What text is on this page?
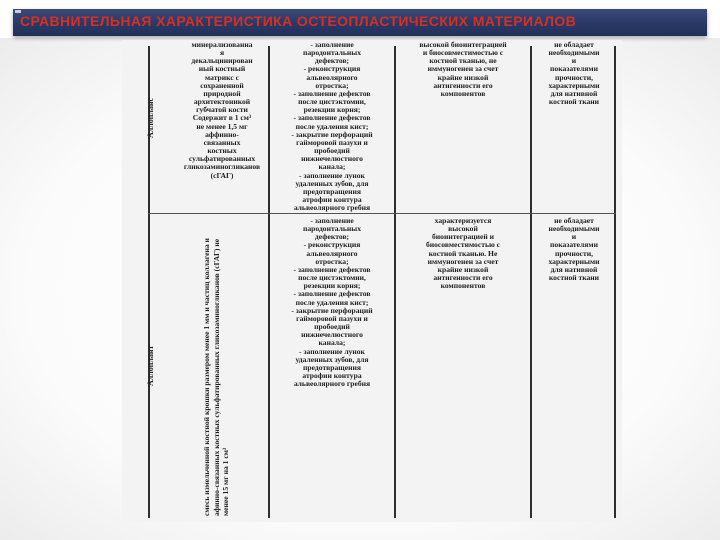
СРАВНИТЕЛЬНАЯ ХАРАКТЕРИСТИКА ОСТЕОПЛАСТИЧЕСКИХ МАТЕРИАЛОВ
Аллопланс
минерализованна
я
декальцинирован
ный костный
матрикс с
сохраненной
природной
архитектоникой
губчатой кости
Содержит в 1 см³
не менее 1,5 мг
аффинно-
связанных
костных
сульфатированных
гликозаминогликанов
(сГАГ)
- заполнение
пародонтальных
дефектов;
- реконструкция
альвеолярного
отростка;
- заполнение дефектов
после цистэктомии,
резекции корня;
- заполнение дефектов
после удаления кист;
- закрытие перфораций
гайморовой пазухи и
пробоедий
нижнечелюстного
канала;
- заполнение лунок
удаленных зубов, для
предотвращения
атрофии контура
альвеолярного гребня
высокой биоинтеграцией
и биосовместимостью с
костной тканью, не
иммуногенен за счет
крайне низкой
антигенности его
компонентов
не обладает
необходимыми
и
показателями
прочности,
характерными
для нативной
костной ткани
Аллоплант
смесь измельченной костной крошки размером менее 1 мм и частиц коллагена и
афинно-связанных костных сульфатированных гликозаминогликанов (сГАГ) не
менее 15 мг на 1 см³
- заполнение
пародонтальных
дефектов;
- реконструкция
альвеолярного
отростка;
- заполнение дефектов
после цистэктомии,
резекции корня;
- заполнение дефектов
после удаления кист;
- закрытие перфораций
гайморовой пазухи и
пробоедий
нижнечелюстного
канала;
- заполнение лунок
удаленных зубов, для
предотвращения
атрофии контура
альвеолярного гребня
характеризуется
высокой
биоинтеграцией и
биосовместимостью с
костной тканью. Не
иммуногенен за счет
крайне низкой
антигенности его
компонентов
не обладает
необходимыми
и
показателями
прочности,
характерными
для нативной
костной ткани
